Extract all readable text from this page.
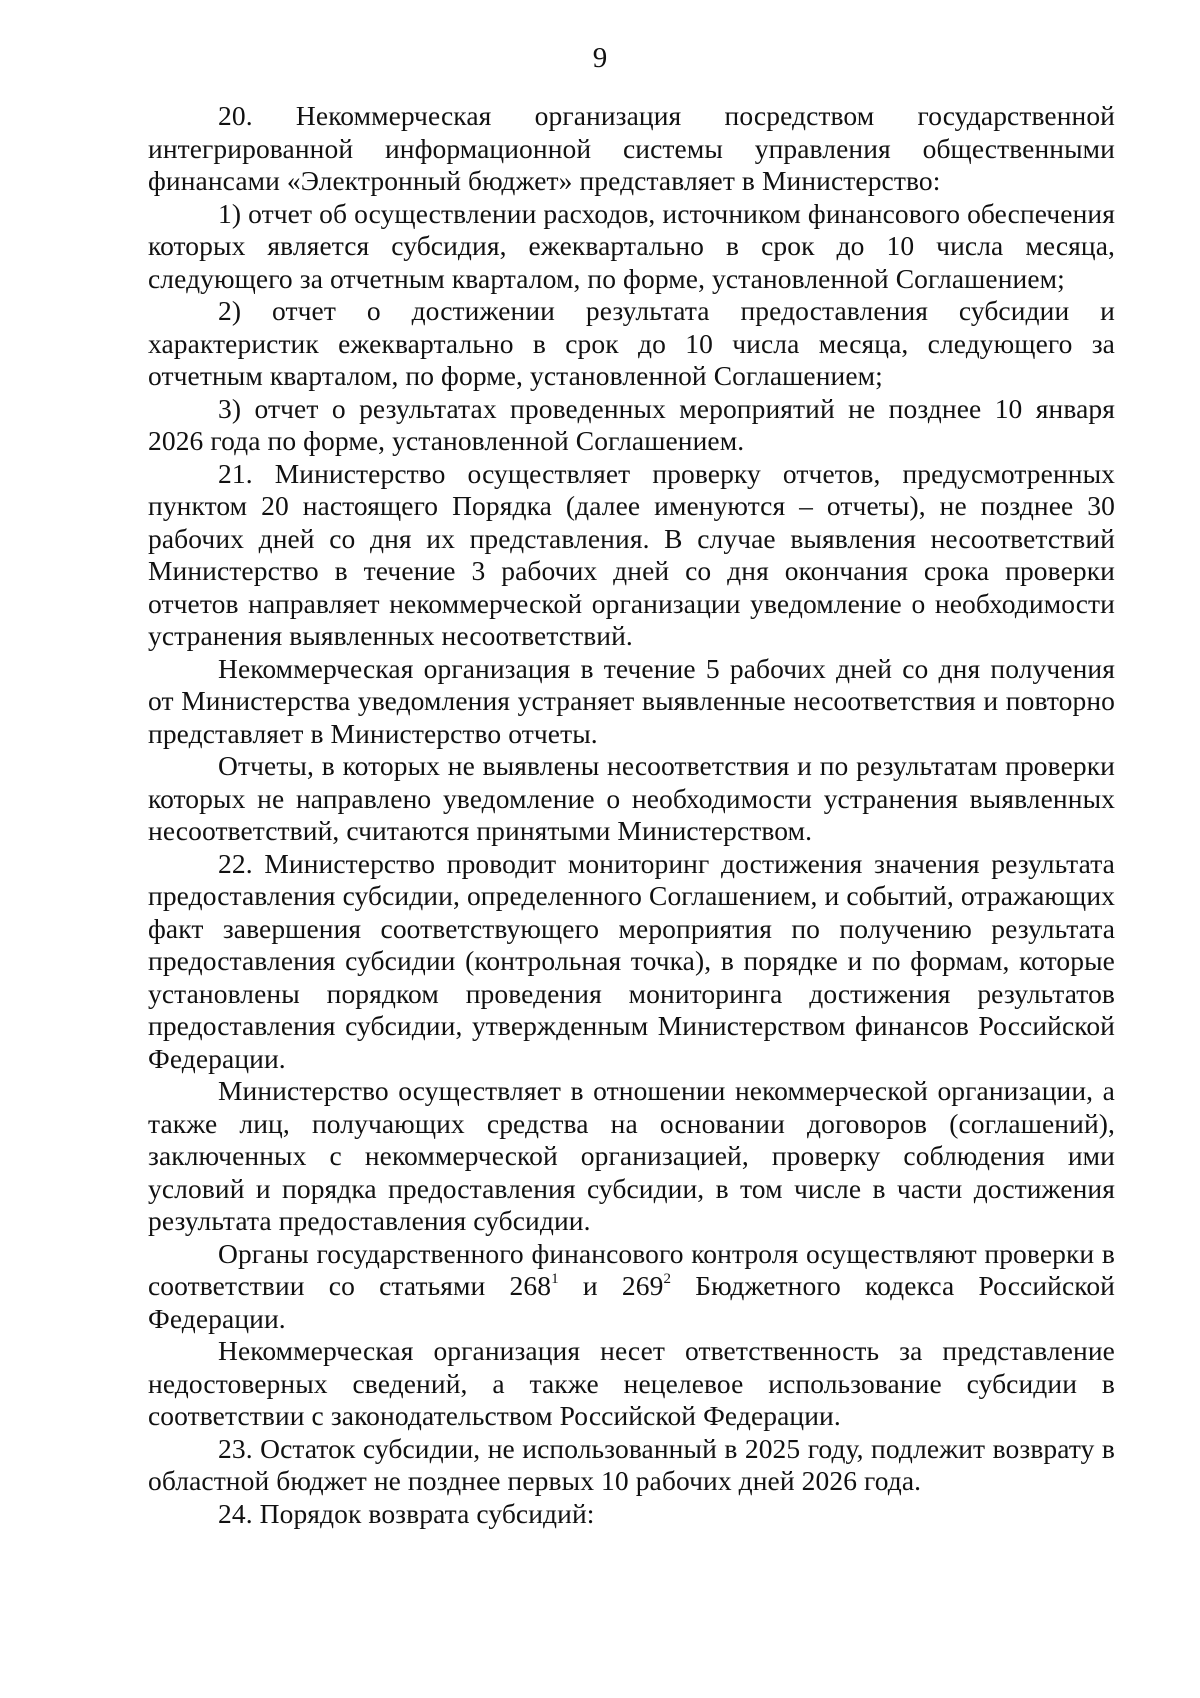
9

20. Некоммерческая организация посредством государственной интегрированной информационной системы управления общественными финансами «Электронный бюджет» представляет в Министерство:

1) отчет об осуществлении расходов, источником финансового обеспечения которых является субсидия, ежеквартально в срок до 10 числа месяца, следующего за отчетным кварталом, по форме, установленной Соглашением;

2) отчет о достижении результата предоставления субсидии и характеристик ежеквартально в срок до 10 числа месяца, следующего за отчетным кварталом, по форме, установленной Соглашением;

3) отчет о результатах проведенных мероприятий не позднее 10 января 2026 года по форме, установленной Соглашением.

21. Министерство осуществляет проверку отчетов, предусмотренных пунктом 20 настоящего Порядка (далее именуются – отчеты), не позднее 30 рабочих дней со дня их представления. В случае выявления несоответствий Министерство в течение 3 рабочих дней со дня окончания срока проверки отчетов направляет некоммерческой организации уведомление о необходимости устранения выявленных несоответствий.

Некоммерческая организация в течение 5 рабочих дней со дня получения от Министерства уведомления устраняет выявленные несоответствия и повторно представляет в Министерство отчеты.

Отчеты, в которых не выявлены несоответствия и по результатам проверки которых не направлено уведомление о необходимости устранения выявленных несоответствий, считаются принятыми Министерством.

22. Министерство проводит мониторинг достижения значения результата предоставления субсидии, определенного Соглашением, и событий, отражающих факт завершения соответствующего мероприятия по получению результата предоставления субсидии (контрольная точка), в порядке и по формам, которые установлены порядком проведения мониторинга достижения результатов предоставления субсидии, утвержденным Министерством финансов Российской Федерации.

Министерство осуществляет в отношении некоммерческой организации, а также лиц, получающих средства на основании договоров (соглашений), заключенных с некоммерческой организацией, проверку соблюдения ими условий и порядка предоставления субсидии, в том числе в части достижения результата предоставления субсидии.

Органы государственного финансового контроля осуществляют проверки в соответствии со статьями $268^1$ и $269^2$ Бюджетного кодекса Российской Федерации.

Некоммерческая организация несет ответственность за представление недостоверных сведений, а также нецелевое использование субсидии в соответствии с законодательством Российской Федерации.

23. Остаток субсидии, не использованный в 2025 году, подлежит возврату в областной бюджет не позднее первых 10 рабочих дней 2026 года.

24. Порядок возврата субсидий:
